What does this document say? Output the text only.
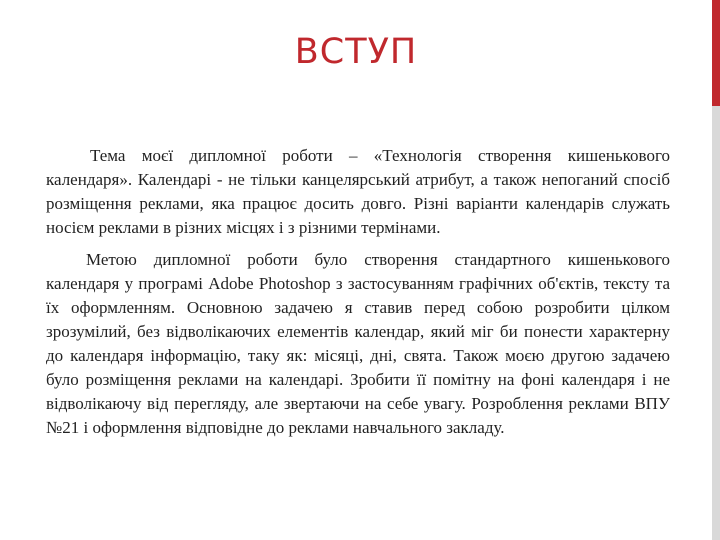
ВСТУП

Тема моєї дипломної роботи – «Технологія створення кишенькового календаря». Календарі - не тільки канцелярський атрибут, а також непоганий спосіб розміщення реклами, яка працює досить довго. Різні варіанти календарів служать носієм реклами в різних місцях і з різними термінами.

Метою дипломної роботи було створення стандартного кишенькового календаря у програмі Adobe Photoshop з застосуванням графічних об'єктів, тексту та їх оформленням. Основною задачею я ставив перед собою розробити цілком зрозумілий, без відволікаючих елементів календар, який міг би понести характерну до календаря інформацію, таку як: місяці, дні, свята. Також моєю другою задачею було розміщення реклами на календарі. Зробити її помітну на фоні календаря і не відволікаючу від перегляду, але звертаючи на себе увагу. Розроблення реклами ВПУ №21 і оформлення відповідне до реклами навчального закладу.
